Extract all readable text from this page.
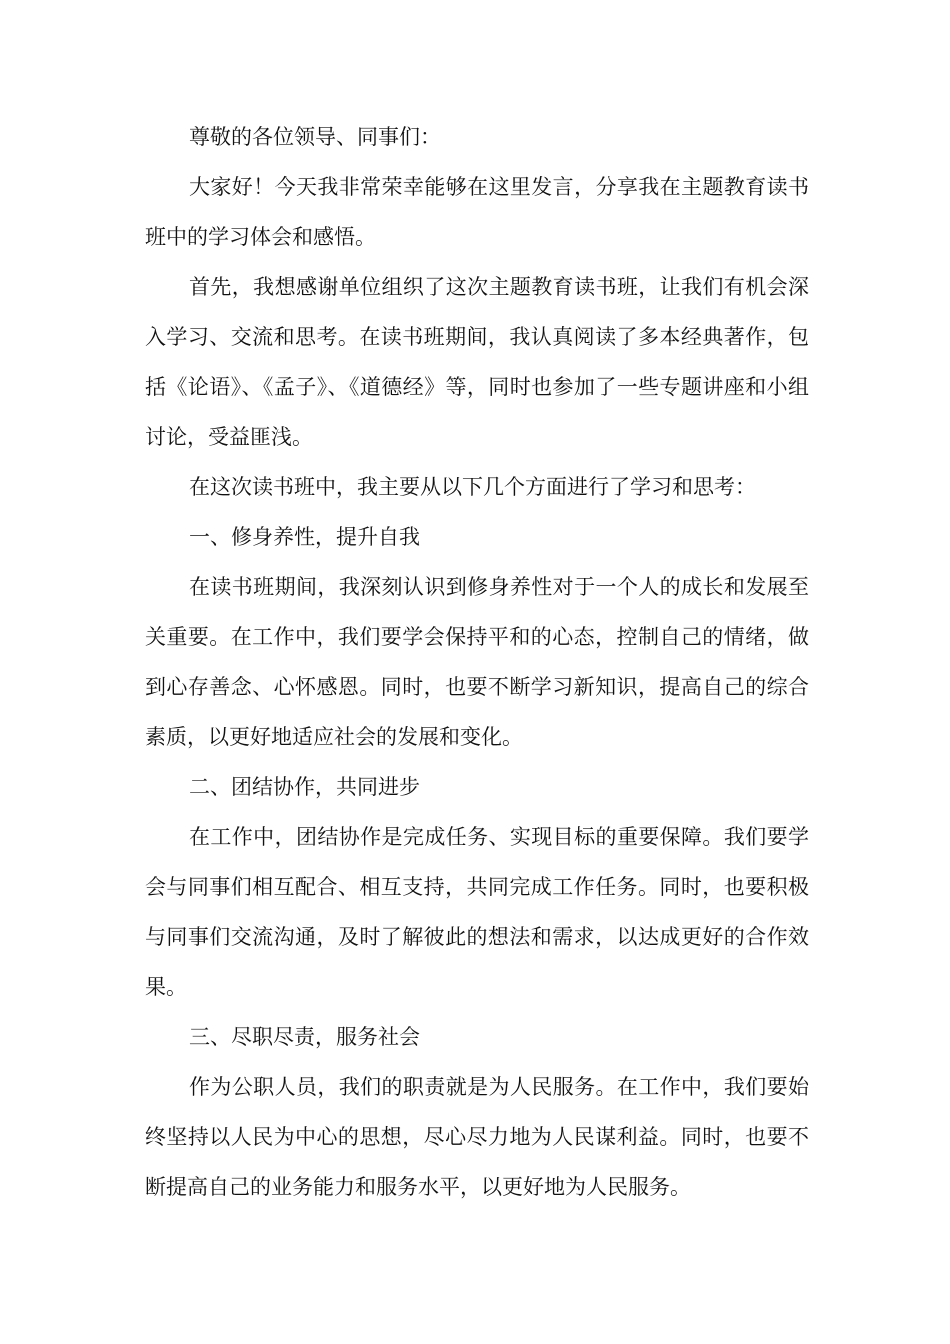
尊敬的各位领导、同事们：

大家好！今天我非常荣幸能够在这里发言，分享我在主题教育读书班中的学习体会和感悟。

首先，我想感谢单位组织了这次主题教育读书班，让我们有机会深入学习、交流和思考。在读书班期间，我认真阅读了多本经典著作，包括《论语》、《孟子》、《道德经》等，同时也参加了一些专题讲座和小组讨论，受益匪浅。

在这次读书班中，我主要从以下几个方面进行了学习和思考：

一、修身养性，提升自我

在读书班期间，我深刻认识到修身养性对于一个人的成长和发展至关重要。在工作中，我们要学会保持平和的心态，控制自己的情绪，做到心存善念、心怀感恩。同时，也要不断学习新知识，提高自己的综合素质，以更好地适应社会的发展和变化。

二、团结协作，共同进步

在工作中，团结协作是完成任务、实现目标的重要保障。我们要学会与同事们相互配合、相互支持，共同完成工作任务。同时，也要积极与同事们交流沟通，及时了解彼此的想法和需求，以达成更好的合作效果。

三、尽职尽责，服务社会

作为公职人员，我们的职责就是为人民服务。在工作中，我们要始终坚持以人民为中心的思想，尽心尽力地为人民谋利益。同时，也要不断提高自己的业务能力和服务水平，以更好地为人民服务。
